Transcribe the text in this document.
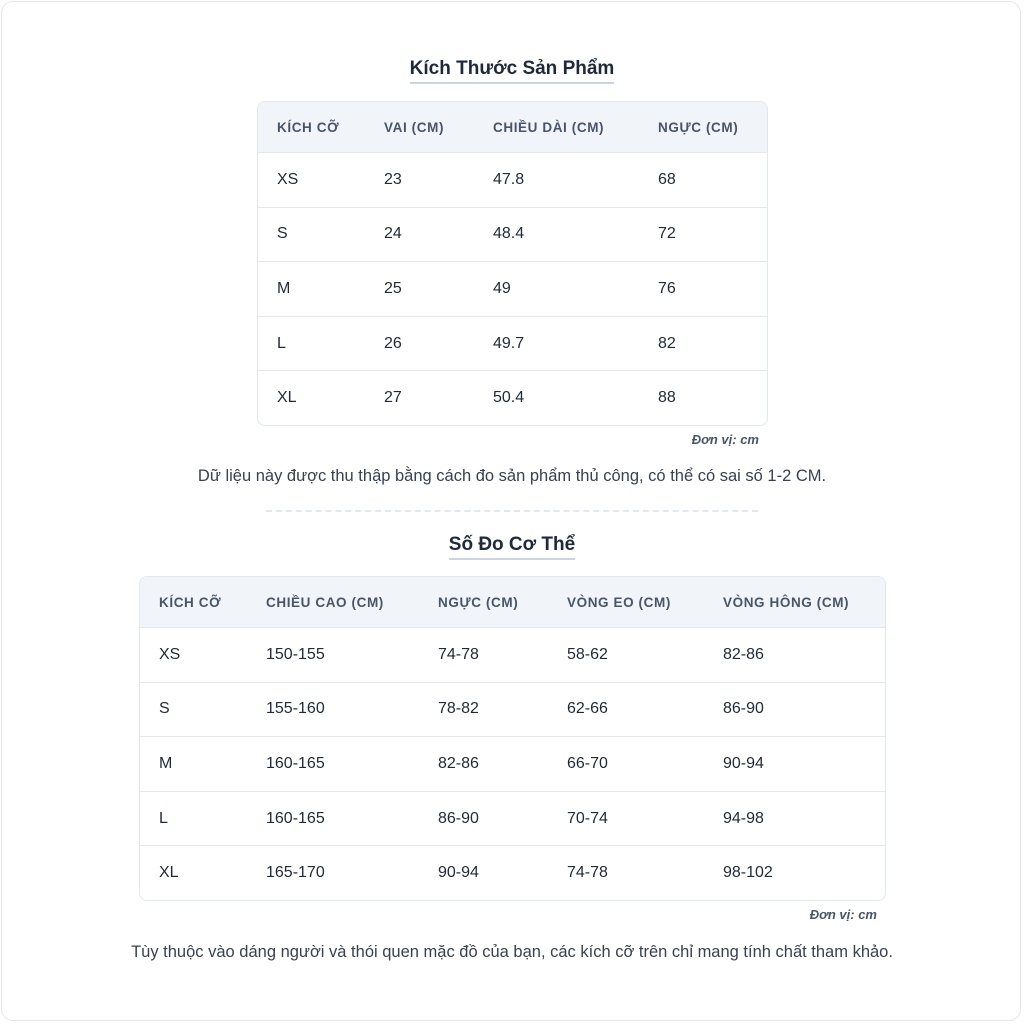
Kích Thước Sản Phẩm
KÍCH CỠ	VAI (CM)	CHIỀU DÀI (CM)	NGỰC (CM)
XS	23	47.8	68
S	24	48.4	72
M	25	49	76
L	26	49.7	82
XL	27	50.4	88

Đơn vị: cm

Dữ liệu này được thu thập bằng cách đo sản phẩm thủ công, có thể có sai số 1-2 CM.

Số Đo Cơ Thể
KÍCH CỠ	CHIỀU CAO (CM)	NGỰC (CM)	VÒNG EO (CM)	VÒNG HÔNG (CM)
XS	150-155	74-78	58-62	82-86
S	155-160	78-82	62-66	86-90
M	160-165	82-86	66-70	90-94
L	160-165	86-90	70-74	94-98
XL	165-170	90-94	74-78	98-102

Đơn vị: cm

Tùy thuộc vào dáng người và thói quen mặc đồ của bạn, các kích cỡ trên chỉ mang tính chất tham khảo.
